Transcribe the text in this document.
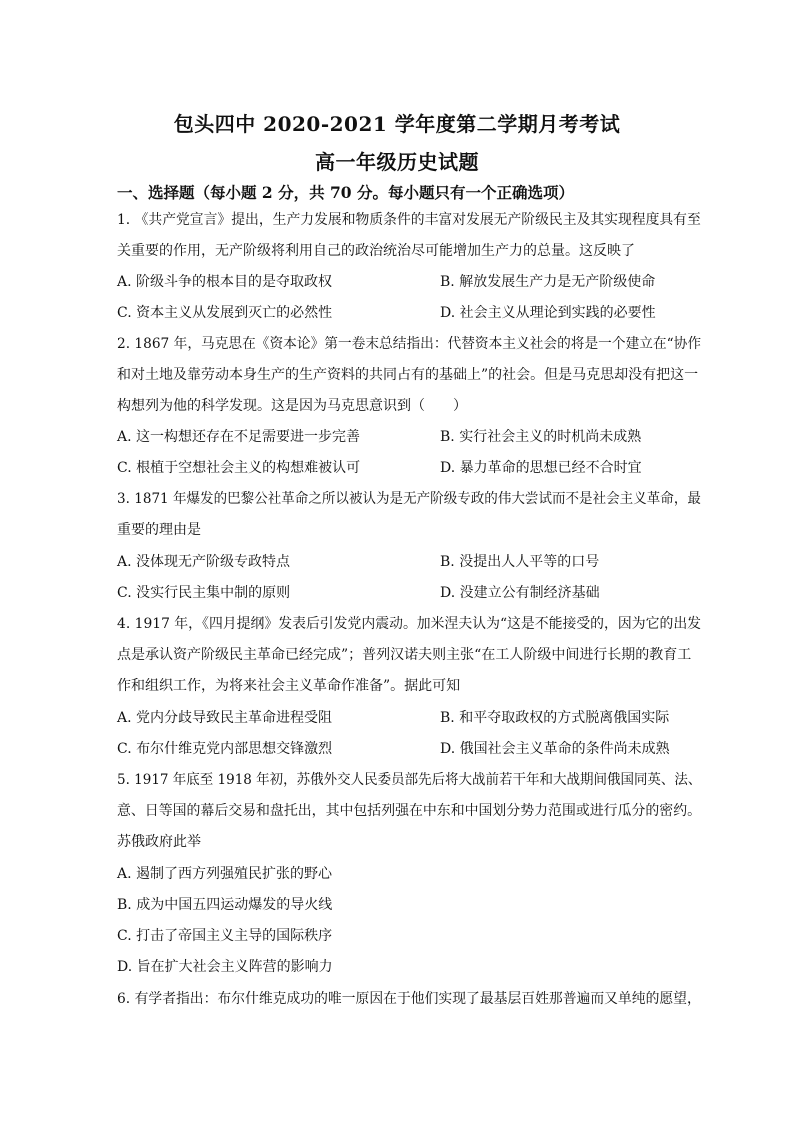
包头四中 2020-2021 学年度第二学期月考考试
高一年级历史试题
一、选择题（每小题 2 分，共 70 分。每小题只有一个正确选项）
1. 《共产党宣言》提出，生产力发展和物质条件的丰富对发展无产阶级民主及其实现程度具有至
关重要的作用，无产阶级将利用自己的政治统治尽可能增加生产力的总量。这反映了
A. 阶级斗争的根本目的是夺取政权	B. 解放发展生产力是无产阶级使命
C. 资本主义从发展到灭亡的必然性	D. 社会主义从理论到实践的必要性
2. 1867 年，马克思在《资本论》第一卷末总结指出：代替资本主义社会的将是一个建立在“协作
和对土地及靠劳动本身生产的生产资料的共同占有的基础上”的社会。但是马克思却没有把这一
构想列为他的科学发现。这是因为马克思意识到（　　）
A. 这一构想还存在不足需要进一步完善	B. 实行社会主义的时机尚未成熟
C. 根植于空想社会主义的构想难被认可	D. 暴力革命的思想已经不合时宜
3. 1871 年爆发的巴黎公社革命之所以被认为是无产阶级专政的伟大尝试而不是社会主义革命，最
重要的理由是
A. 没体现无产阶级专政特点	B. 没提出人人平等的口号
C. 没实行民主集中制的原则	D. 没建立公有制经济基础
4. 1917 年，《四月提纲》发表后引发党内震动。加米涅夫认为“这是不能接受的，因为它的出发
点是承认资产阶级民主革命已经完成”；普列汉诺夫则主张“在工人阶级中间进行长期的教育工
作和组织工作，为将来社会主义革命作准备”。据此可知
A. 党内分歧导致民主革命进程受阻	B. 和平夺取政权的方式脱离俄国实际
C. 布尔什维克党内部思想交锋激烈	D. 俄国社会主义革命的条件尚未成熟
5. 1917 年底至 1918 年初，苏俄外交人民委员部先后将大战前若干年和大战期间俄国同英、法、
意、日等国的幕后交易和盘托出，其中包括列强在中东和中国划分势力范围或进行瓜分的密约。
苏俄政府此举
A. 遏制了西方列强殖民扩张的野心
B. 成为中国五四运动爆发的导火线
C. 打击了帝国主义主导的国际秩序
D. 旨在扩大社会主义阵营的影响力
6. 有学者指出：布尔什维克成功的唯一原因在于他们实现了最基层百姓那普遍而又单纯的愿望，
